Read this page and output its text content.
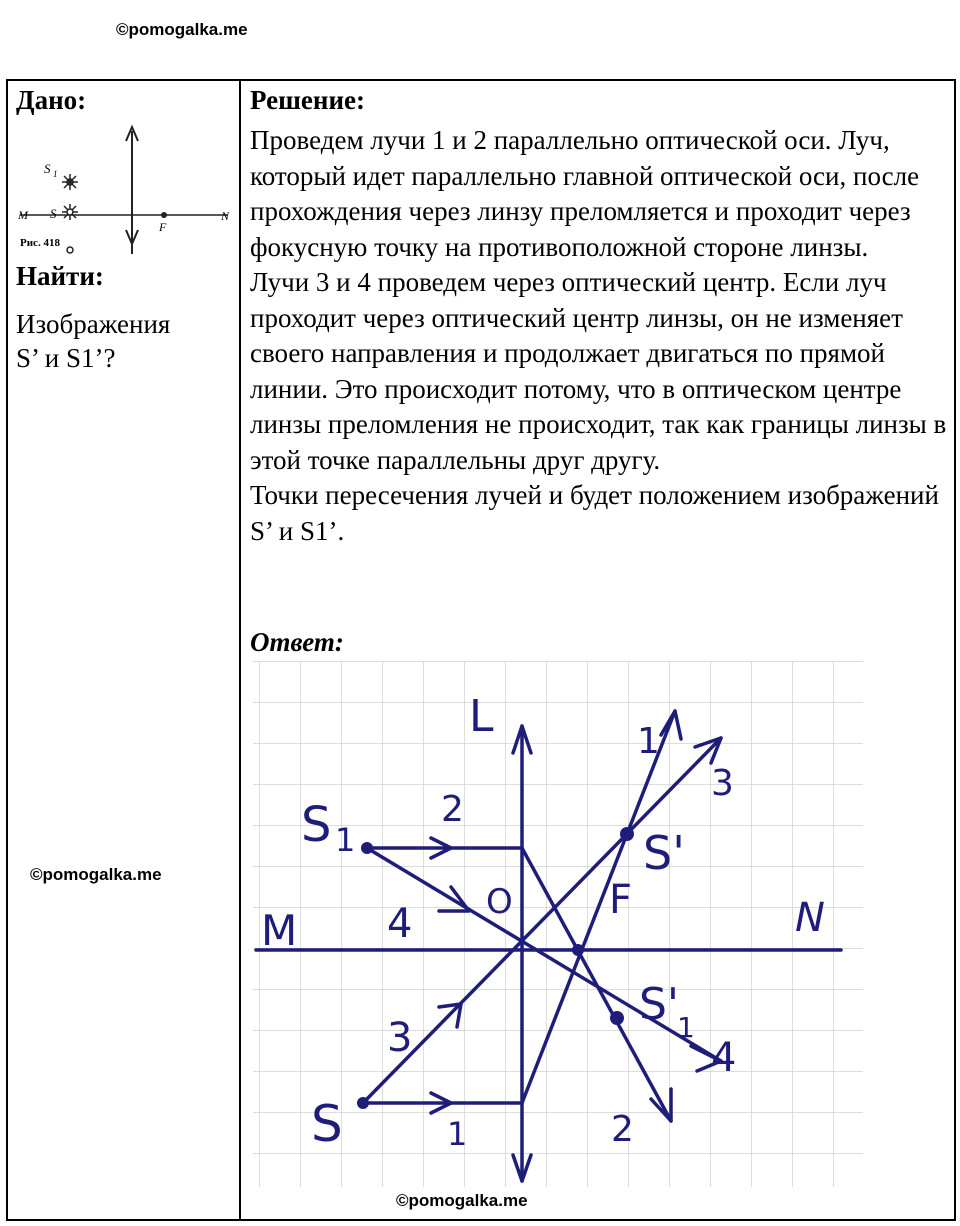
©pomogalka.me
Дано:
S 1
M	N
F
S
Рис. 418
Найти:
Изображения
S’ и S1’?
Решение:

Проведем лучи 1 и 2 параллельно оптической оси. Луч, который идет параллельно главной оптической оси, после прохождения через линзу преломляется и проходит через фокусную точку на противоположной стороне линзы.

Лучи 3 и 4 проведем через оптический центр. Если луч проходит через оптический центр линзы, он не изменяет своего направления и продолжает двигаться по прямой линии. Это происходит потому, что в оптическом центре линзы преломления не происходит, так как границы линзы в этой точке параллельны друг другу.

Точки пересечения лучей и будет положением изображений S’ и S1’.

Ответ:
L
M	N
F
O
S 1
S
S'
S'
1
1
2
3
4
1	2
3	4
©pomogalka.me
©pomogalka.me
